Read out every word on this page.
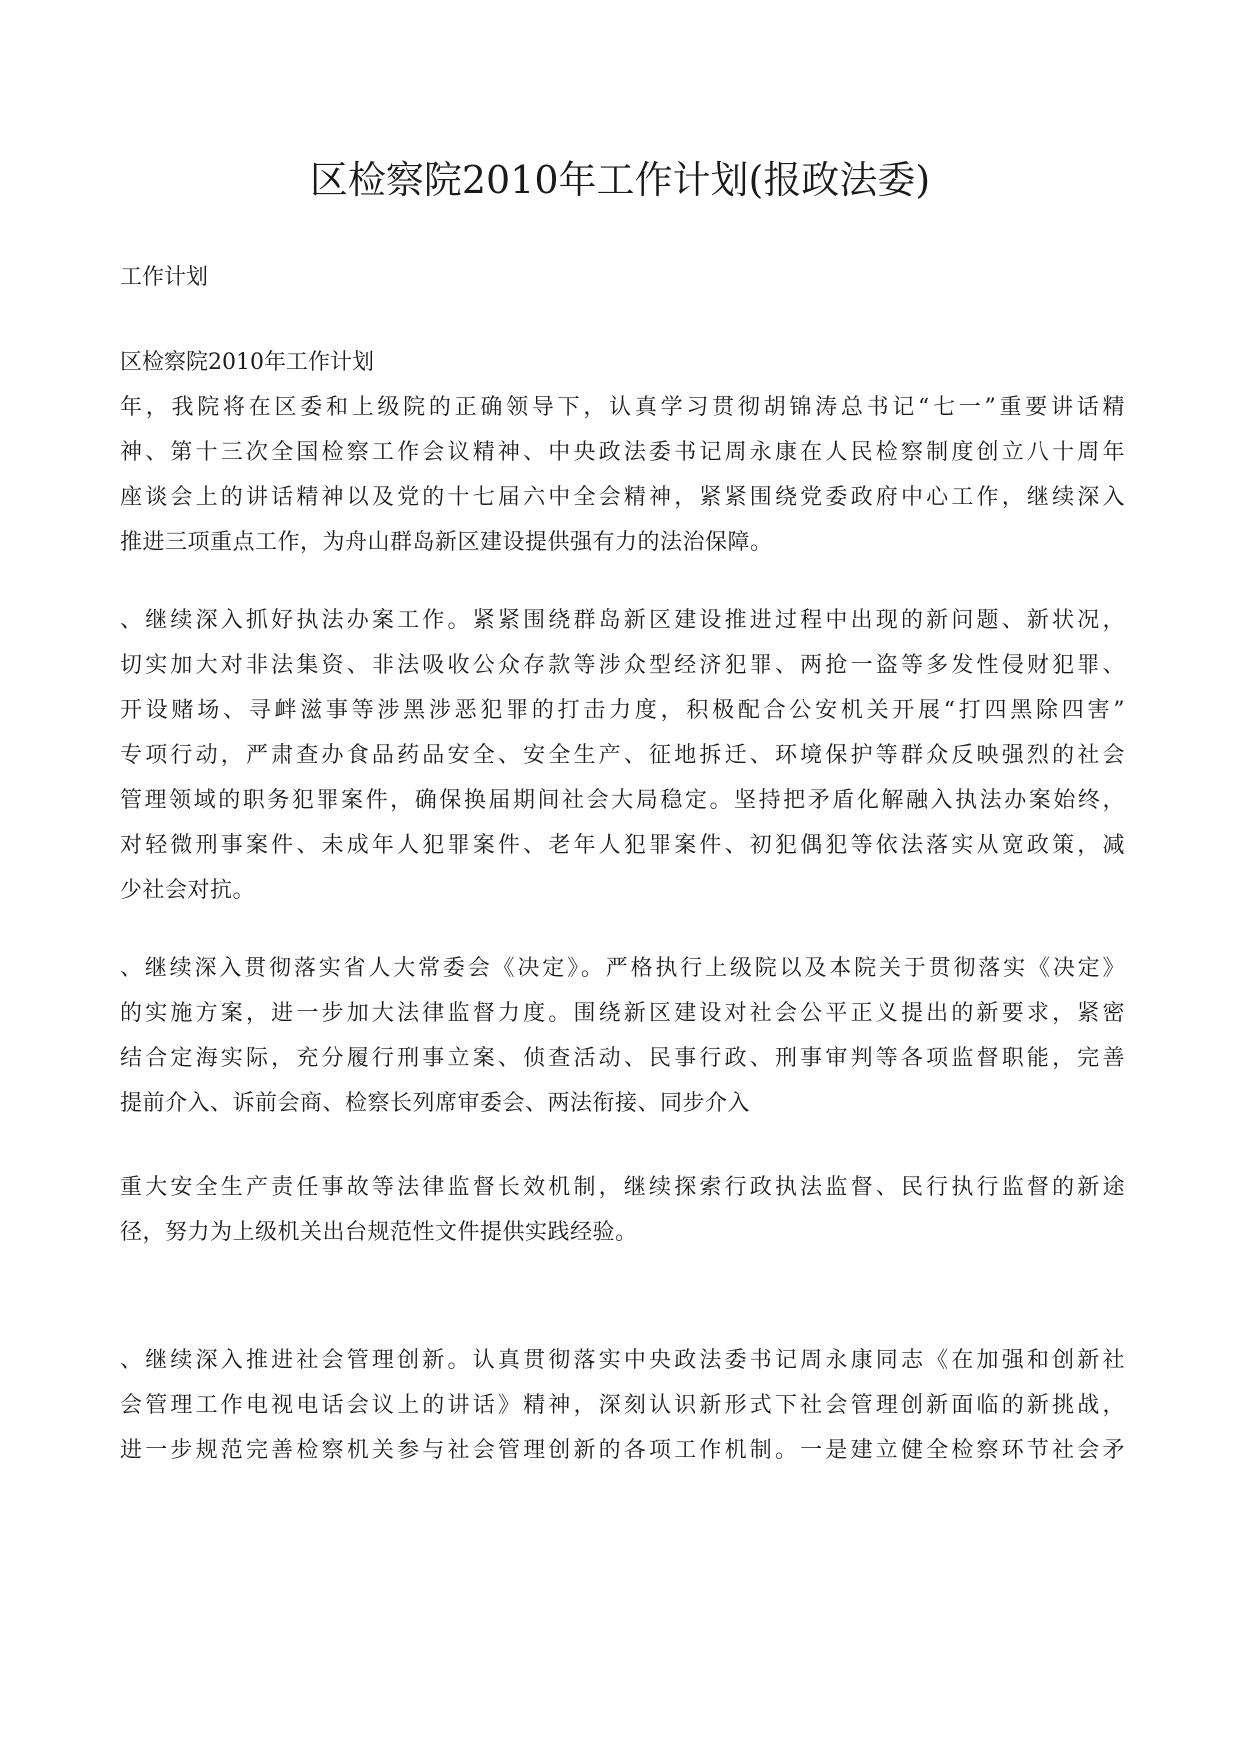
区检察院2010年工作计划(报政法委)

工作计划

区检察院2010年工作计划

年，我院将在区委和上级院的正确领导下，认真学习贯彻胡锦涛总书记“七一”重要讲话精
神、第十三次全国检察工作会议精神、中央政法委书记周永康在人民检察制度创立八十周年
座谈会上的讲话精神以及党的十七届六中全会精神，紧紧围绕党委政府中心工作，继续深入
推进三项重点工作，为舟山群岛新区建设提供强有力的法治保障。
、继续深入抓好执法办案工作。紧紧围绕群岛新区建设推进过程中出现的新问题、新状况，
切实加大对非法集资、非法吸收公众存款等涉众型经济犯罪、两抢一盗等多发性侵财犯罪、
开设赌场、寻衅滋事等涉黑涉恶犯罪的打击力度，积极配合公安机关开展“打四黑除四害”
专项行动，严肃查办食品药品安全、安全生产、征地拆迁、环境保护等群众反映强烈的社会
管理领域的职务犯罪案件，确保换届期间社会大局稳定。坚持把矛盾化解融入执法办案始终，
对轻微刑事案件、未成年人犯罪案件、老年人犯罪案件、初犯偶犯等依法落实从宽政策，减
少社会对抗。
、继续深入贯彻落实省人大常委会《决定》。严格执行上级院以及本院关于贯彻落实《决定》
的实施方案，进一步加大法律监督力度。围绕新区建设对社会公平正义提出的新要求，紧密
结合定海实际，充分履行刑事立案、侦查活动、民事行政、刑事审判等各项监督职能，完善
提前介入、诉前会商、检察长列席审委会、两法衔接、同步介入
重大安全生产责任事故等法律监督长效机制，继续探索行政执法监督、民行执行监督的新途
径，努力为上级机关出台规范性文件提供实践经验。
、继续深入推进社会管理创新。认真贯彻落实中央政法委书记周永康同志《在加强和创新社
会管理工作电视电话会议上的讲话》精神，深刻认识新形式下社会管理创新面临的新挑战，
进一步规范完善检察机关参与社会管理创新的各项工作机制。一是建立健全检察环节社会矛
